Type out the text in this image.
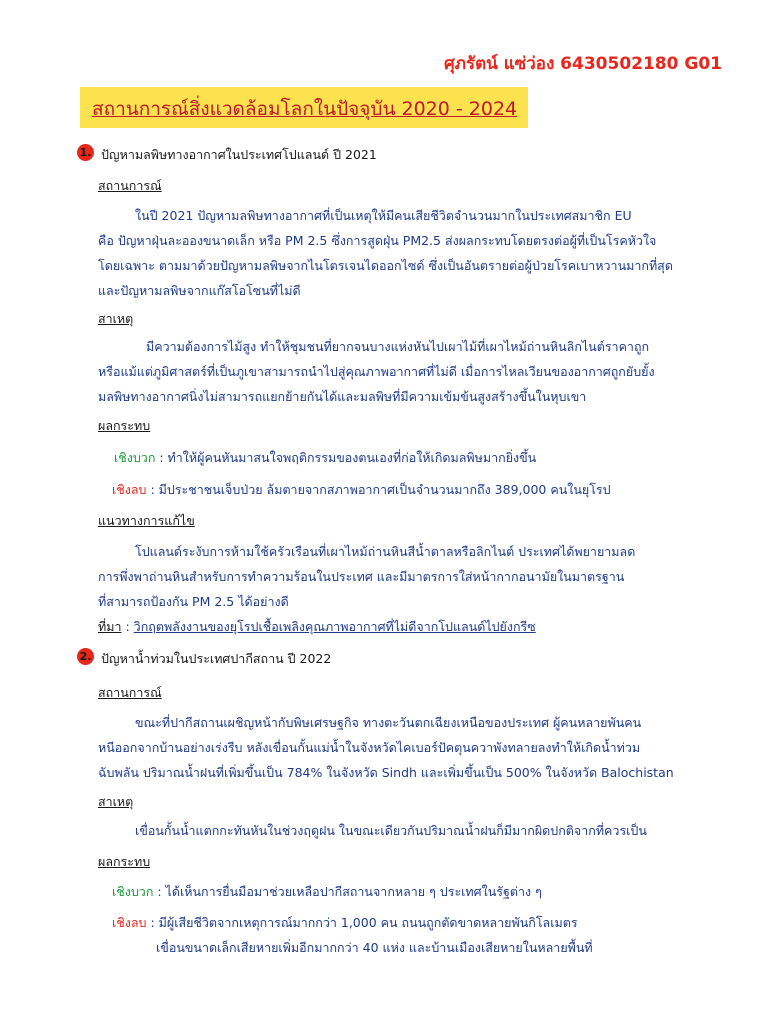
ศุภรัตน์ แซ่ว่อง 6430502180 G01
สถานการณ์สิ่งแวดล้อมโลกในปัจจุบัน 2020 - 2024
1. ปัญหามลพิษทางอากาศในประเทศโปแลนด์ ปี 2021
สถานการณ์
ในปี 2021 ปัญหามลพิษทางอากาศที่เป็นเหตุให้มีคนเสียชีวิตจำนวนมากในประเทศสมาชิก EU
คือ ปัญหาฝุ่นละอองขนาดเล็ก หรือ PM 2.5 ซึ่งการสูดฝุ่น PM2.5 ส่งผลกระทบโดยตรงต่อผู้ที่เป็นโรคหัวใจ
โดยเฉพาะ ตามมาด้วยปัญหามลพิษจากไนโตรเจนไดออกไซด์ ซึ่งเป็นอันตรายต่อผู้ป่วยโรคเบาหวานมากที่สุด
และปัญหามลพิษจากแก๊สโอโซนที่ไม่ดี
สาเหตุ
มีความต้องการไม้สูง ทำให้ชุมชนที่ยากจนบางแห่งหันไปเผาไม้ที่เผาไหม้ถ่านหินลิกไนต์ราคาถูก
หรือแม้แต่ภูมิศาสตร์ที่เป็นภูเขาสามารถนำไปสู่คุณภาพอากาศที่ไม่ดี เมื่อการไหลเวียนของอากาศถูกยับยั้ง
มลพิษทางอากาศนิ่งไม่สามารถแยกย้ายกันได้และมลพิษที่มีความเข้มข้นสูงสร้างขึ้นในหุบเขา
ผลกระทบ
เชิงบวก : ทำให้ผู้คนหันมาสนใจพฤติกรรมของตนเองที่ก่อให้เกิดมลพิษมากยิ่งขึ้น
เชิงลบ : มีประชาชนเจ็บป่วย ล้มตายจากสภาพอากาศเป็นจำนวนมากถึง 389,000 คนในยุโรป
แนวทางการแก้ไข
โปแลนด์ระงับการห้ามใช้ครัวเรือนที่เผาไหม้ถ่านหินสีน้ำตาลหรือลิกไนต์ ประเทศได้พยายามลด
การพึ่งพาถ่านหินสำหรับการทำความร้อนในประเทศ และมีมาตรการใส่หน้ากากอนามัยในมาตรฐาน
ที่สามารถป้องกัน PM 2.5 ได้อย่างดี
ที่มา : วิกฤตพลังงานของยุโรปเชื้อเพลิงคุณภาพอากาศที่ไม่ดีจากโปแลนด์ไปยังกรีซ
2. ปัญหาน้ำท่วมในประเทศปากีสถาน ปี 2022
สถานการณ์
ขณะที่ปากีสถานเผชิญหน้ากับพิษเศรษฐกิจ ทางตะวันตกเฉียงเหนือของประเทศ ผู้คนหลายพันคน
หนีออกจากบ้านอย่างเร่งรีบ หลังเขื่อนกั้นแม่น้ำในจังหวัดไคเบอร์ปัคตุนควาพังทลายลงทำให้เกิดน้ำท่วม
ฉับพลัน ปริมาณน้ำฝนที่เพิ่มขึ้นเป็น 784% ในจังหวัด Sindh และเพิ่มขึ้นเป็น 500% ในจังหวัด Balochistan
สาเหตุ
เขื่อนกั้นน้ำแตกกะทันหันในช่วงฤดูฝน ในขณะเดียวกันปริมาณน้ำฝนก็มีมากผิดปกติจากที่ควรเป็น
ผลกระทบ
เชิงบวก : ได้เห็นการยื่นมือมาช่วยเหลือปากีสถานจากหลาย ๆ ประเทศในรัฐต่าง ๆ
เชิงลบ : มีผู้เสียชีวิตจากเหตุการณ์มากกว่า 1,000 คน ถนนถูกตัดขาดหลายพันกิโลเมตร
เขื่อนขนาดเล็กเสียหายเพิ่มอีกมากกว่า 40 แห่ง และบ้านเมืองเสียหายในหลายพื้นที่
